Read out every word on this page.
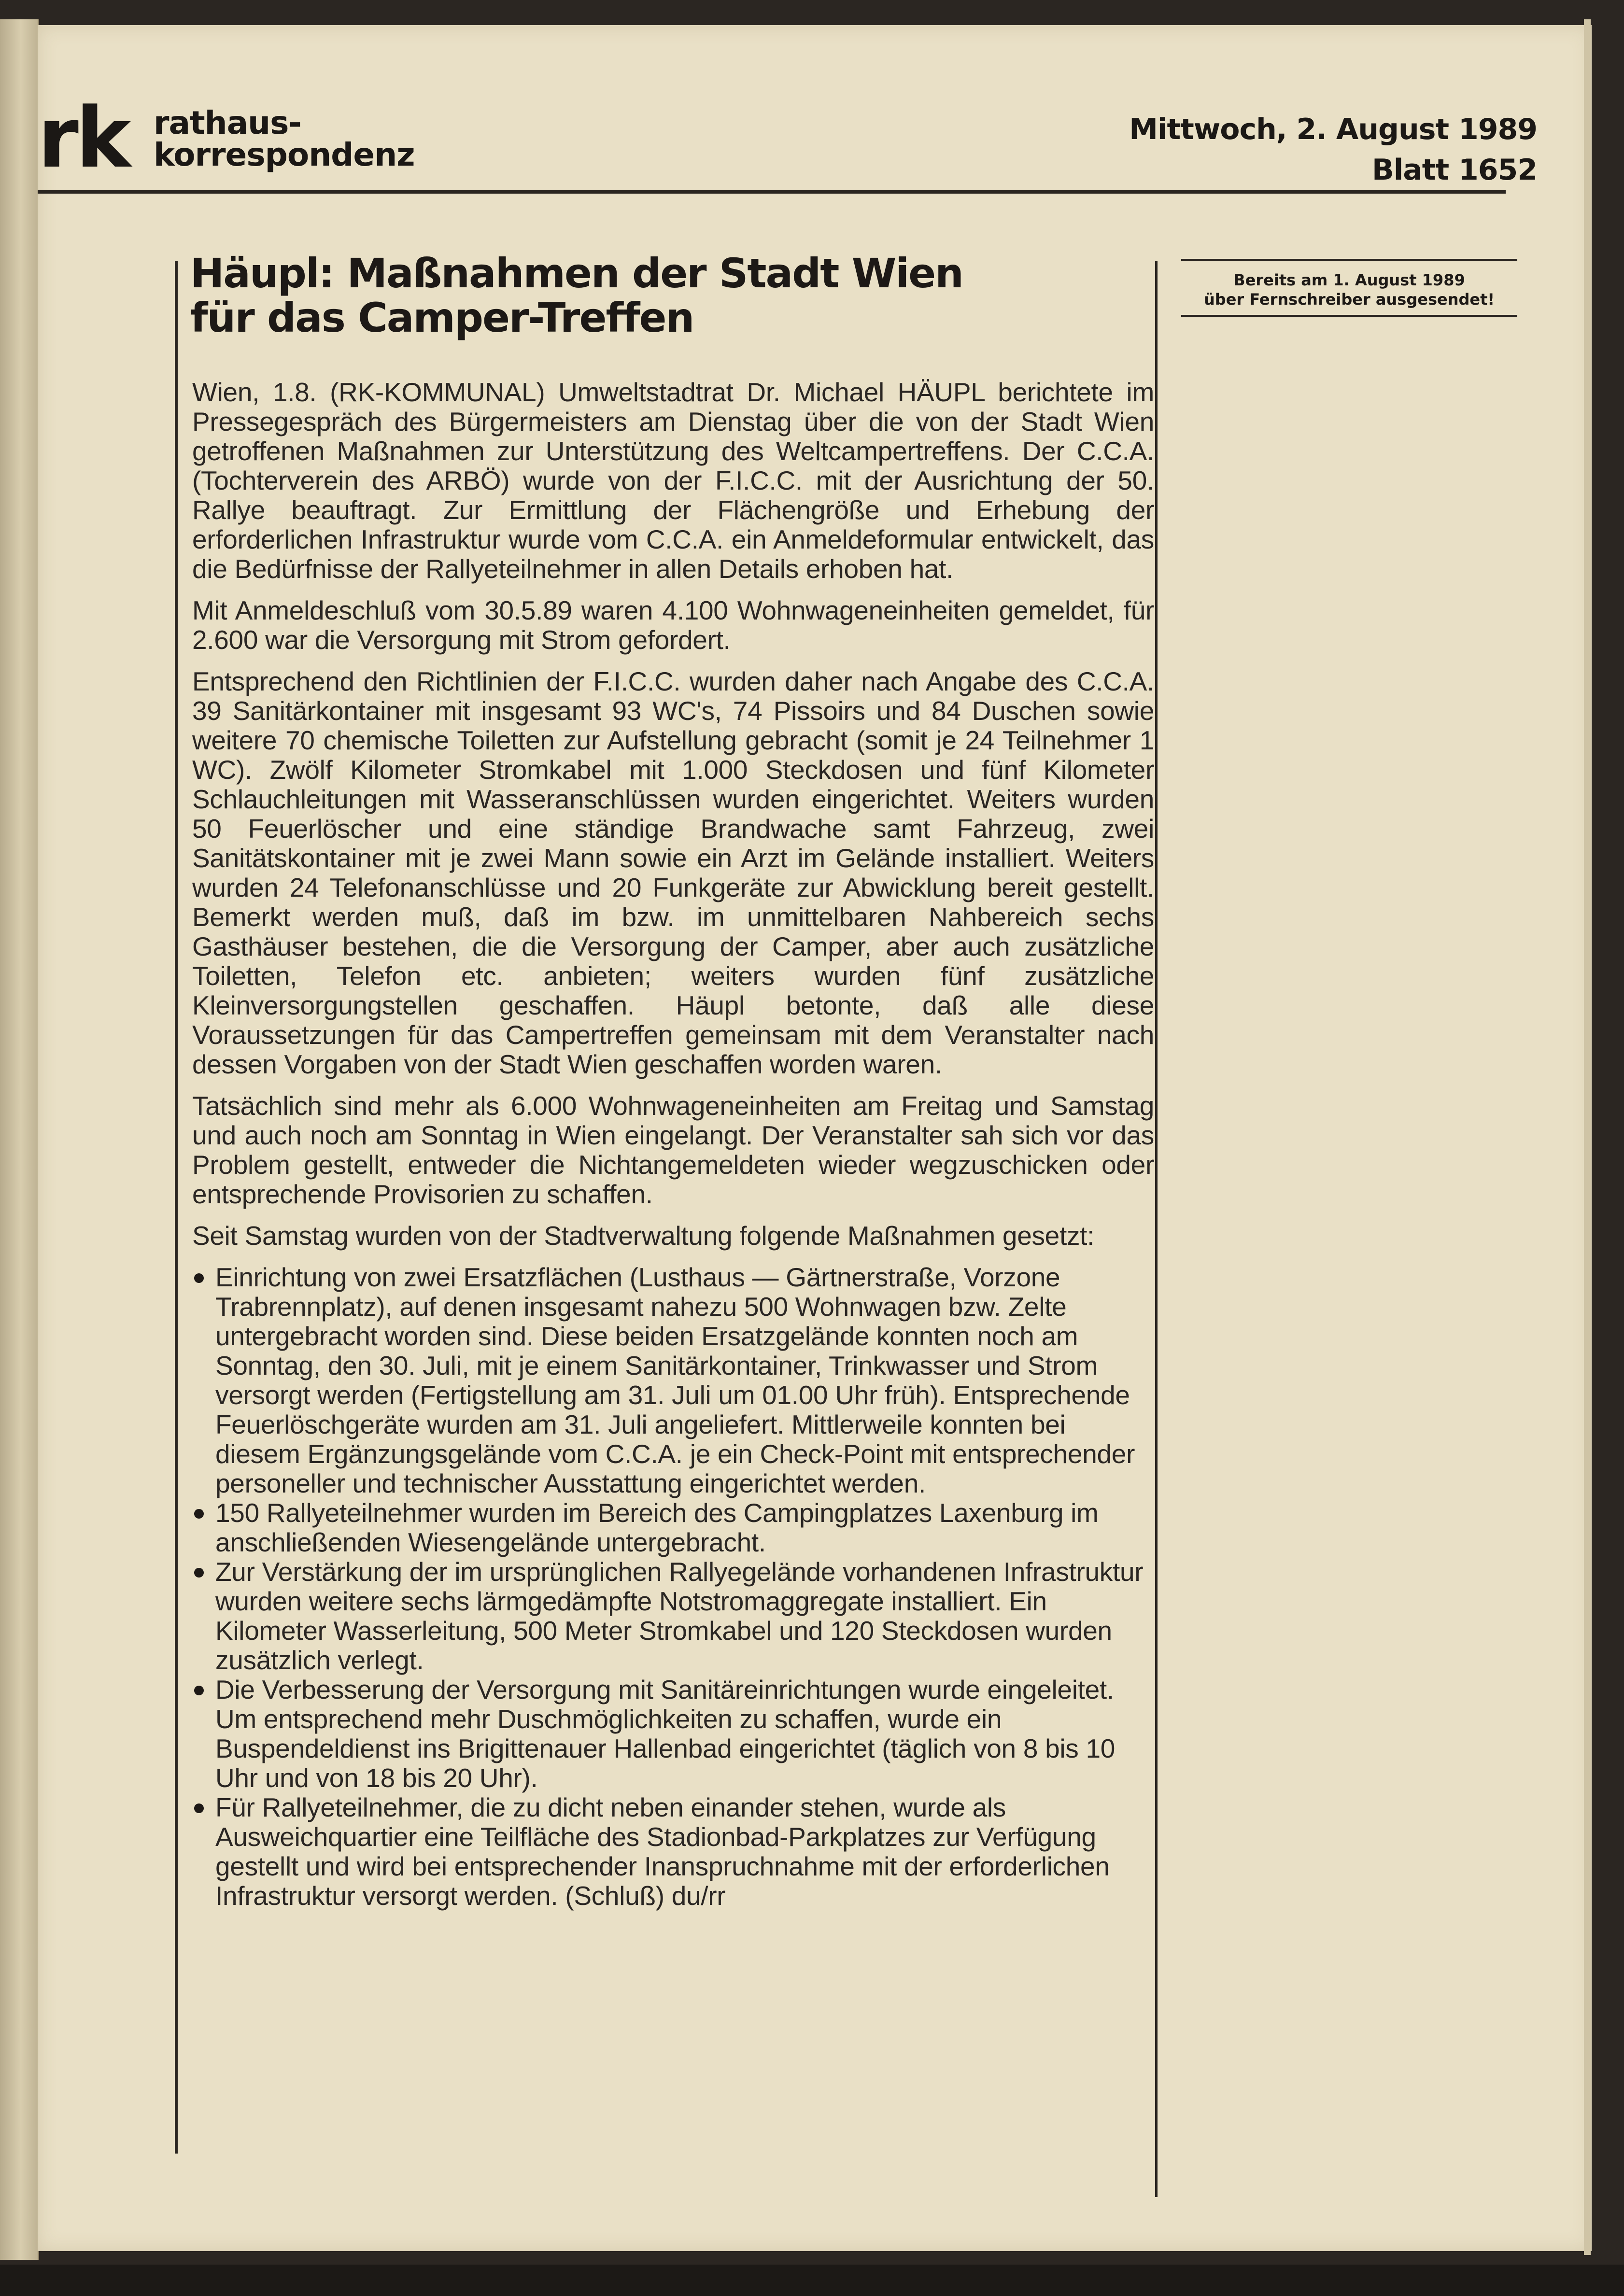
rk rathaus-
korrespondenz
Mittwoch, 2. August 1989
Blatt 1652
Häupl: Maßnahmen der Stadt Wien
für das Camper-Treffen

Wien, 1.8. (RK-KOMMUNAL) Umweltstadtrat Dr. Michael HÄUPL berichtete im Pressegespräch des Bürgermeisters am Dienstag über die von der Stadt Wien getroffenen Maßnahmen zur Unterstützung des Weltcampertreffens. Der C.C.A. (Tochterverein des ARBÖ) wurde von der F.I.C.C. mit der Ausrichtung der 50. Rallye beauftragt. Zur Ermittlung der Flächengröße und Erhebung der erforderlichen Infrastruktur wurde vom C.C.A. ein Anmeldeformular entwickelt, das die Bedürfnisse der Rallyeteilnehmer in allen Details erhoben hat.

Mit Anmeldeschluß vom 30.5.89 waren 4.100 Wohnwageneinheiten gemeldet, für 2.600 war die Versorgung mit Strom gefordert.

Entsprechend den Richtlinien der F.I.C.C. wurden daher nach Angabe des C.C.A. 39 Sanitärkontainer mit insgesamt 93 WC's, 74 Pissoirs und 84 Duschen sowie weitere 70 chemische Toiletten zur Aufstellung gebracht (somit je 24 Teilnehmer 1 WC). Zwölf Kilometer Stromkabel mit 1.000 Steckdosen und fünf Kilometer Schlauchleitungen mit Wasseranschlüssen wurden eingerichtet. Weiters wurden 50 Feuerlöscher und eine ständige Brandwache samt Fahrzeug, zwei Sanitätskontainer mit je zwei Mann sowie ein Arzt im Gelände installiert. Weiters wurden 24 Telefonanschlüsse und 20 Funkgeräte zur Abwicklung bereit gestellt. Bemerkt werden muß, daß im bzw. im unmittelbaren Nahbereich sechs Gasthäuser bestehen, die die Versorgung der Camper, aber auch zusätzliche Toiletten, Telefon etc. anbieten; weiters wurden fünf zusätzliche Kleinversorgungstellen geschaffen. Häupl betonte, daß alle diese Voraussetzungen für das Campertreffen gemeinsam mit dem Veranstalter nach dessen Vorgaben von der Stadt Wien geschaffen worden waren.

Tatsächlich sind mehr als 6.000 Wohnwageneinheiten am Freitag und Samstag und auch noch am Sonntag in Wien eingelangt. Der Veranstalter sah sich vor das Problem gestellt, entweder die Nichtangemeldeten wieder wegzuschicken oder entsprechende Provisorien zu schaffen.

Seit Samstag wurden von der Stadtverwaltung folgende Maßnahmen gesetzt:

Einrichtung von zwei Ersatzflächen (Lusthaus — Gärtnerstraße, Vorzone Trabrennplatz), auf denen insgesamt nahezu 500 Wohnwagen bzw. Zelte untergebracht worden sind. Diese beiden Ersatzgelände konnten noch am Sonntag, den 30. Juli, mit je einem Sanitärkontainer, Trinkwasser und Strom versorgt werden (Fertigstellung am 31. Juli um 01.00 Uhr früh). Entsprechende Feuerlöschgeräte wurden am 31. Juli angeliefert. Mittlerweile konnten bei diesem Ergänzungsgelände vom C.C.A. je ein Check-Point mit entsprechender personeller und technischer Ausstattung eingerichtet werden.
150 Rallyeteilnehmer wurden im Bereich des Campingplatzes Laxenburg im anschließenden Wiesengelände untergebracht.
Zur Verstärkung der im ursprünglichen Rallyegelände vorhandenen Infrastruktur wurden weitere sechs lärmgedämpfte Notstromaggregate installiert. Ein Kilometer Wasserleitung, 500 Meter Stromkabel und 120 Steckdosen wurden zusätzlich verlegt.
Die Verbesserung der Versorgung mit Sanitäreinrichtungen wurde eingeleitet. Um entsprechend mehr Duschmöglichkeiten zu schaffen, wurde ein Buspendeldienst ins Brigittenauer Hallenbad eingerichtet (täglich von 8 bis 10 Uhr und von 18 bis 20 Uhr).
Für Rallyeteilnehmer, die zu dicht neben einander stehen, wurde als Ausweichquartier eine Teilfläche des Stadionbad-Parkplatzes zur Verfügung gestellt und wird bei entsprechender Inanspruchnahme mit der erforderlichen Infrastruktur versorgt werden. (Schluß) du/rr
Bereits am 1. August 1989
über Fernschreiber ausgesendet!
